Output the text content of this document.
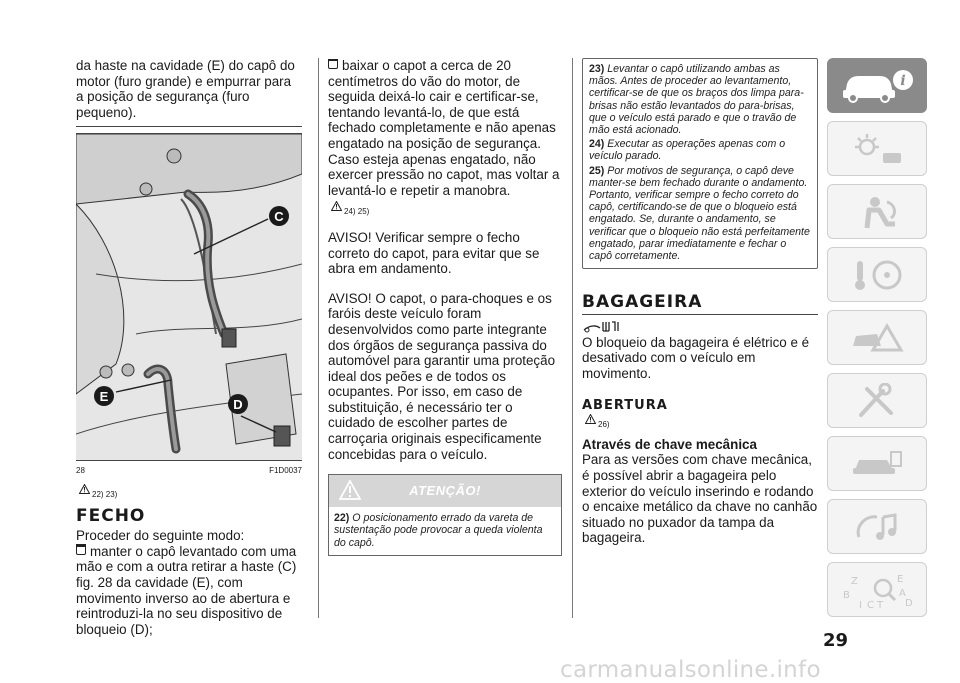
da haste na cavidade (E) do capô do motor (furo grande) e empurrar para a posição de segurança (furo pequeno).

C
E
D
28	F1D0037
22) 23)
FECHO

Proceder do seguinte modo:

manter o capô levantado com uma mão e com a outra retirar a haste (C) fig. 28 da cavidade (E), com movimento inverso ao de abertura e reintroduzi-la no seu dispositivo de bloqueio (D);

baixar o capot a cerca de 20 centímetros do vão do motor, de seguida deixá-lo cair e certificar-se, tentando levantá-lo, de que está fechado completamente e não apenas engatado na posição de segurança. Caso esteja apenas engatado, não exercer pressão no capot, mas voltar a levantá-lo e repetir a manobra.

24) 25)

AVISO! Verificar sempre o fecho correto do capot, para evitar que se abra em andamento.

AVISO! O capot, o para-choques e os faróis deste veículo foram desenvolvidos como parte integrante dos órgãos de segurança passiva do automóvel para garantir uma proteção ideal dos peões e de todos os ocupantes. Por isso, em caso de substituição, é necessário ter o cuidado de escolher partes de carroçaria originais especificamente concebidas para o veículo.

ATENÇÃO!
22) O posicionamento errado da vareta de sustentação pode provocar a queda violenta do capô.

23) Levantar o capô utilizando ambas as mãos. Antes de proceder ao levantamento, certificar-se de que os braços dos limpa para-brisas não estão levantados do para-brisas, que o veículo está parado e que o travão de mão está acionado.

24) Executar as operações apenas com o veículo parado.

25) Por motivos de segurança, o capô deve manter-se bem fechado durante o andamento. Portanto, verificar sempre o fecho correto do capô, certificando-se de que o bloqueio está engatado. Se, durante o andamento, se verificar que o bloqueio não está perfeitamente engatado, parar imediatamente e fechar o capô corretamente.

BAGAGEIRA

O bloqueio da bagageira é elétrico e é desativado com o veículo em movimento.

ABERTURA
26)
Através de chave mecânica

Para as versões com chave mecânica, é possível abrir a bagageira pelo exterior do veículo inserindo e rodando o encaixe metálico da chave no canhão situado no puxador da tampa da bagageira.

i
Z	E
B	A
I C T D
29
carmanualsonline.info
